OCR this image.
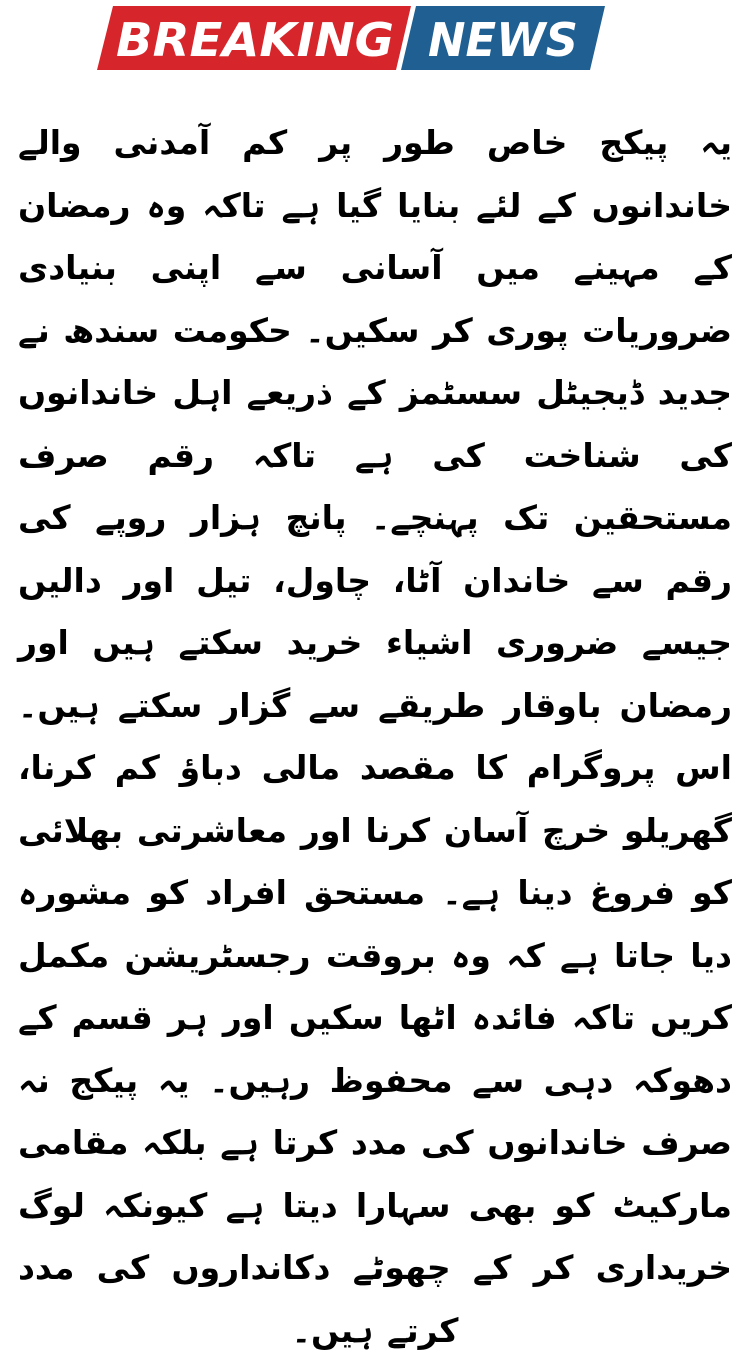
BREAKING NEWS

یہ پیکج خاص طور پر کم آمدنی والے خاندانوں کے لئے بنایا گیا ہے تاکہ وہ رمضان کے مہینے میں آسانی سے اپنی بنیادی ضروریات پوری کر سکیں۔ حکومت سندھ نے جدید ڈیجیٹل سسٹمز کے ذریعے اہل خاندانوں کی شناخت کی ہے تاکہ رقم صرف مستحقین تک پہنچے۔ پانچ ہزار روپے کی رقم سے خاندان آٹا، چاول، تیل اور دالیں جیسے ضروری اشیاء خرید سکتے ہیں اور رمضان باوقار طریقے سے گزار سکتے ہیں۔ اس پروگرام کا مقصد مالی دباؤ کم کرنا، گھریلو خرچ آسان کرنا اور معاشرتی بھلائی کو فروغ دینا ہے۔ مستحق افراد کو مشورہ دیا جاتا ہے کہ وہ بروقت رجسٹریشن مکمل کریں تاکہ فائدہ اٹھا سکیں اور ہر قسم کے دھوکہ دہی سے محفوظ رہیں۔ یہ پیکج نہ صرف خاندانوں کی مدد کرتا ہے بلکہ مقامی مارکیٹ کو بھی سہارا دیتا ہے کیونکہ لوگ خریداری کر کے چھوٹے دکانداروں کی مدد کرتے ہیں۔
